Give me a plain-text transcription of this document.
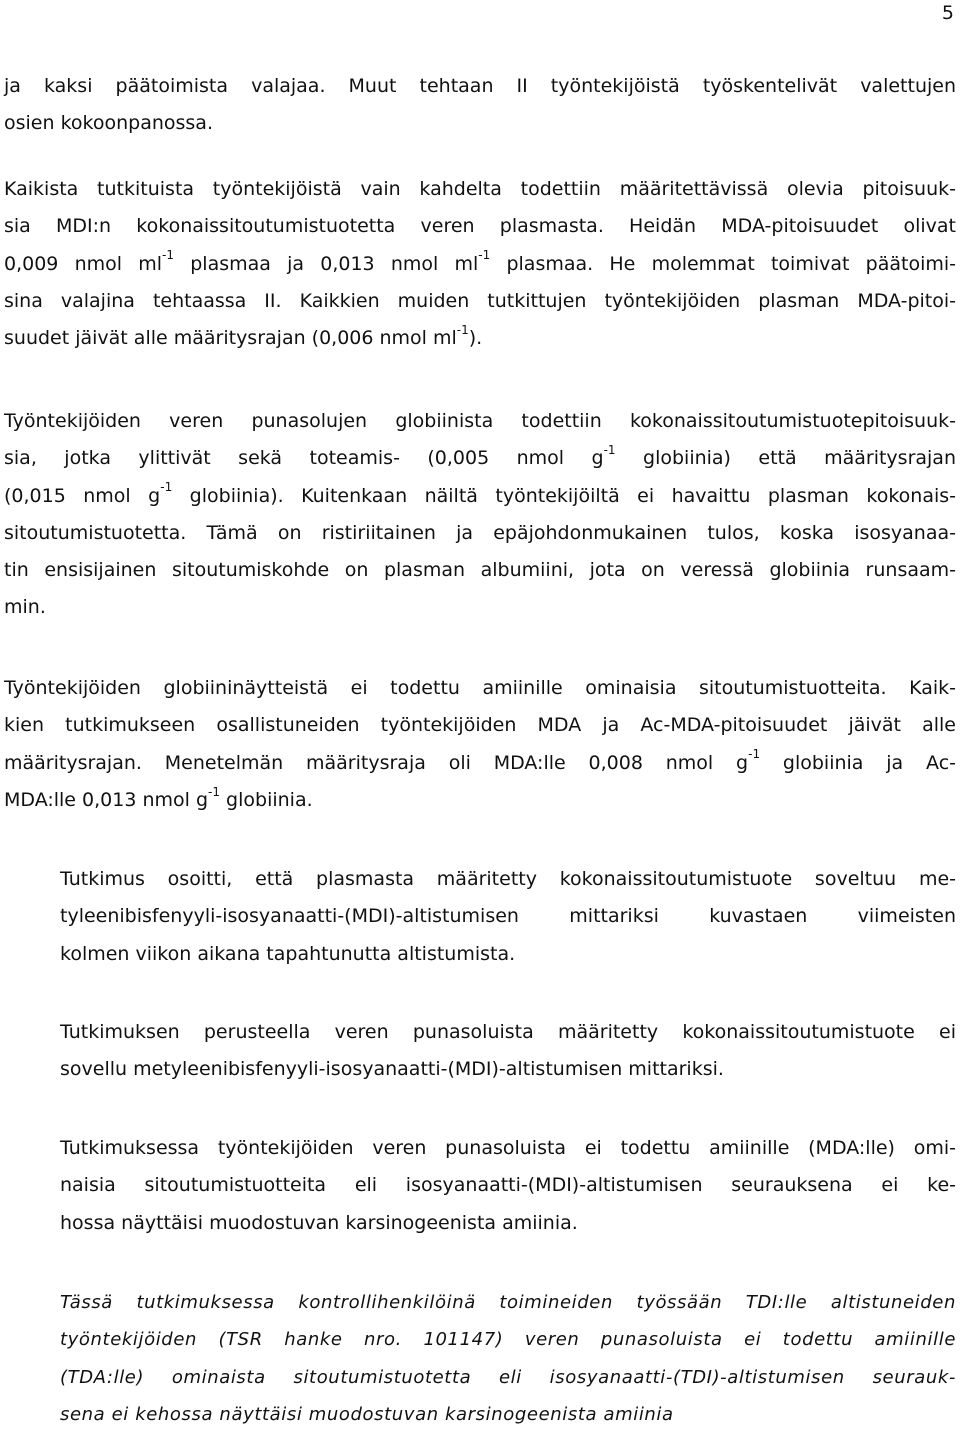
5
ja kaksi päätoimista valajaa. Muut tehtaan II työntekijöistä työskentelivät valettujen
osien kokoonpanossa.
Kaikista tutkituista työntekijöistä vain kahdelta todettiin määritettävissä olevia pitoisuuk-
sia MDI:n kokonaissitoutumistuotetta veren plasmasta. Heidän MDA-pitoisuudet olivat
0,009 nmol $ml^{-1}$ plasmaa ja 0,013 nmol $ml^{-1}$ plasmaa. He molemmat toimivat päätoimi-
sina valajina tehtaassa II. Kaikkien muiden tutkittujen työntekijöiden plasman MDA-pitoi-
suudet jäivät alle määritysrajan (0,006 nmol $ml^{-1}$).
Työntekijöiden veren punasolujen globiinista todettiin kokonaissitoutumistuotepitoisuuk-
sia, jotka ylittivät sekä toteamis- (0,005 nmol $g^{-1}$ globiinia) että määritysrajan
(0,015 nmol $g^{-1}$ globiinia). Kuitenkaan näiltä työntekijöiltä ei havaittu plasman kokonais-
sitoutumistuotetta. Tämä on ristiriitainen ja epäjohdonmukainen tulos, koska isosyanaa-
tin ensisijainen sitoutumiskohde on plasman albumiini, jota on veressä globiinia runsaam-
min.
Työntekijöiden globiininäytteistä ei todettu amiinille ominaisia sitoutumistuotteita. Kaik-
kien tutkimukseen osallistuneiden työntekijöiden MDA ja Ac-MDA-pitoisuudet jäivät alle
määritysrajan. Menetelmän määritysraja oli MDA:lle 0,008 nmol $g^{-1}$ globiinia ja Ac-
MDA:lle 0,013 nmol $g^{-1}$ globiinia.
Tutkimus osoitti, että plasmasta määritetty kokonaissitoutumistuote soveltuu me-
tyleenibisfenyyli-isosyanaatti-(MDI)-altistumisen mittariksi kuvastaen viimeisten
kolmen viikon aikana tapahtunutta altistumista.
Tutkimuksen perusteella veren punasoluista määritetty kokonaissitoutumistuote ei
sovellu metyleenibisfenyyli-isosyanaatti-(MDI)-altistumisen mittariksi.
Tutkimuksessa työntekijöiden veren punasoluista ei todettu amiinille (MDA:lle) omi-
naisia sitoutumistuotteita eli isosyanaatti-(MDI)-altistumisen seurauksena ei ke-
hossa näyttäisi muodostuvan karsinogeenista amiinia.
Tässä tutkimuksessa kontrollihenkilöinä toimineiden työssään TDI:lle altistuneiden
työntekijöiden (TSR hanke nro. 101147) veren punasoluista ei todettu amiinille
(TDA:lle) ominaista sitoutumistuotetta eli isosyanaatti-(TDI)-altistumisen seurauk-
sena ei kehossa näyttäisi muodostuvan karsinogeenista amiinia
